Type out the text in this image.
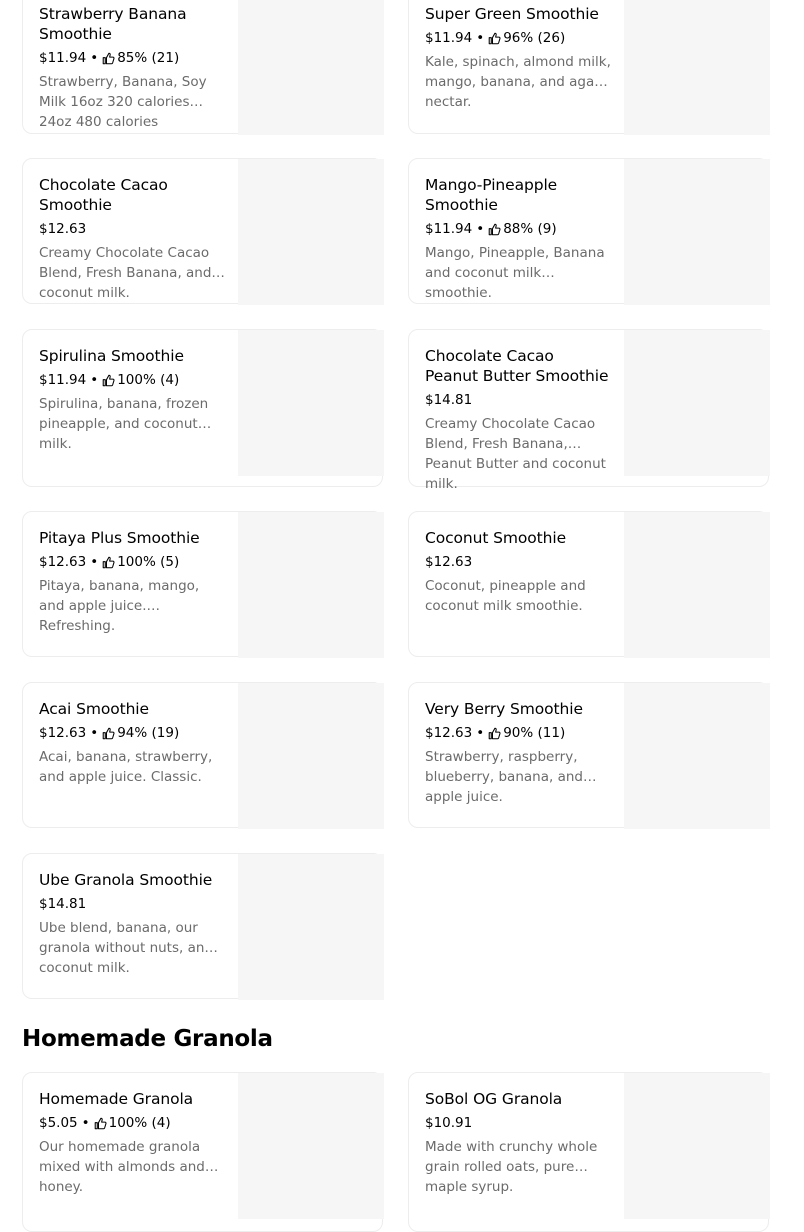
Strawberry Banana Smoothie
$11.94 • 85% (21)
Strawberry, Banana, Soy Milk 16oz 320 calories 24oz 480 calories
Super Green Smoothie
$11.94 • 96% (26)
Kale, spinach, almond milk, mango, banana, and agave nectar.
Chocolate Cacao Smoothie
$12.63
Creamy Chocolate Cacao Blend, Fresh Banana, and coconut milk.
Mango-Pineapple Smoothie
$11.94 • 88% (9)
Mango, Pineapple, Banana and coconut milk smoothie.
Spirulina Smoothie
$11.94 • 100% (4)
Spirulina, banana, frozen pineapple, and coconut milk.
Chocolate Cacao Peanut Butter Smoothie
$14.81
Creamy Chocolate Cacao Blend, Fresh Banana, Peanut Butter and coconut milk.
Pitaya Plus Smoothie
$12.63 • 100% (5)
Pitaya, banana, mango, and apple juice. Refreshing.
Coconut Smoothie
$12.63
Coconut, pineapple and coconut milk smoothie.
Acai Smoothie
$12.63 • 94% (19)
Acai, banana, strawberry, and apple juice. Classic.
Very Berry Smoothie
$12.63 • 90% (11)
Strawberry, raspberry, blueberry, banana, and apple juice.
Ube Granola Smoothie
$14.81
Ube blend, banana, our granola without nuts, and coconut milk.
Homemade Granola
Homemade Granola
$5.05 • 100% (4)
Our homemade granola mixed with almonds and honey.
SoBol OG Granola
$10.91
Made with crunchy whole grain rolled oats, pure maple syrup.
